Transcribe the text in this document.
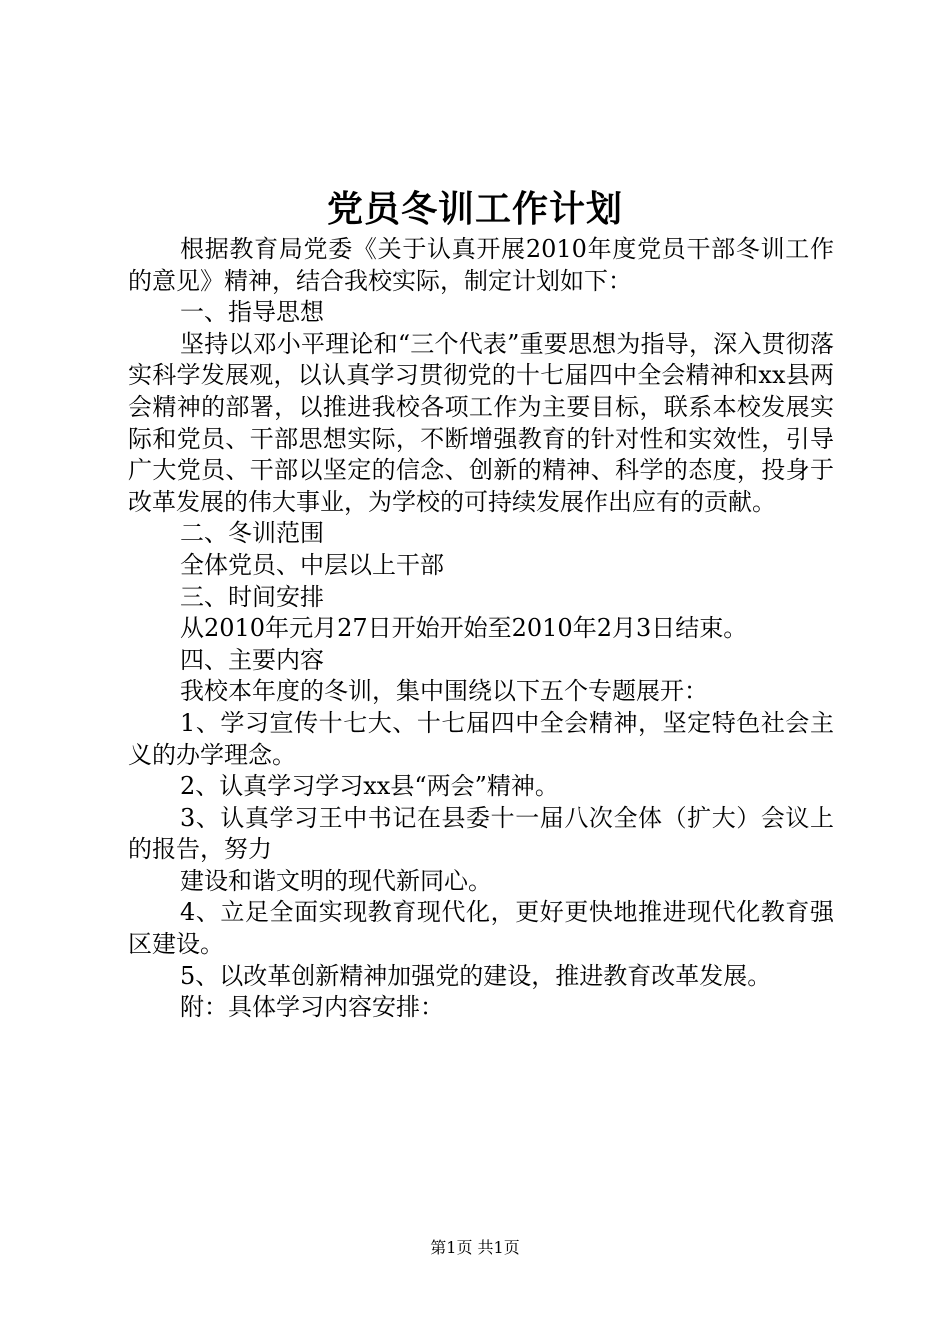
党员冬训工作计划

根据教育局党委《关于认真开展2010年度党员干部冬训工作的意见》精神，结合我校实际，制定计划如下：

一、指导思想

坚持以邓小平理论和“三个代表”重要思想为指导，深入贯彻落实科学发展观，以认真学习贯彻党的十七届四中全会精神和xx县两会精神的部署，以推进我校各项工作为主要目标，联系本校发展实际和党员、干部思想实际，不断增强教育的针对性和实效性，引导广大党员、干部以坚定的信念、创新的精神、科学的态度，投身于改革发展的伟大事业，为学校的可持续发展作出应有的贡献。

二、冬训范围

全体党员、中层以上干部

三、时间安排

从2010年元月27日开始开始至2010年2月3日结束。

四、主要内容

我校本年度的冬训，集中围绕以下五个专题展开：

1、学习宣传十七大、十七届四中全会精神，坚定特色社会主义的办学理念。

2、认真学习学习xx县“两会”精神。

3、认真学习王中书记在县委十一届八次全体（扩大）会议上的报告，努力

建设和谐文明的现代新同心。

4、立足全面实现教育现代化，更好更快地推进现代化教育强区建设。

5、以改革创新精神加强党的建设，推进教育改革发展。

附：具体学习内容安排：

第1页 共1页
